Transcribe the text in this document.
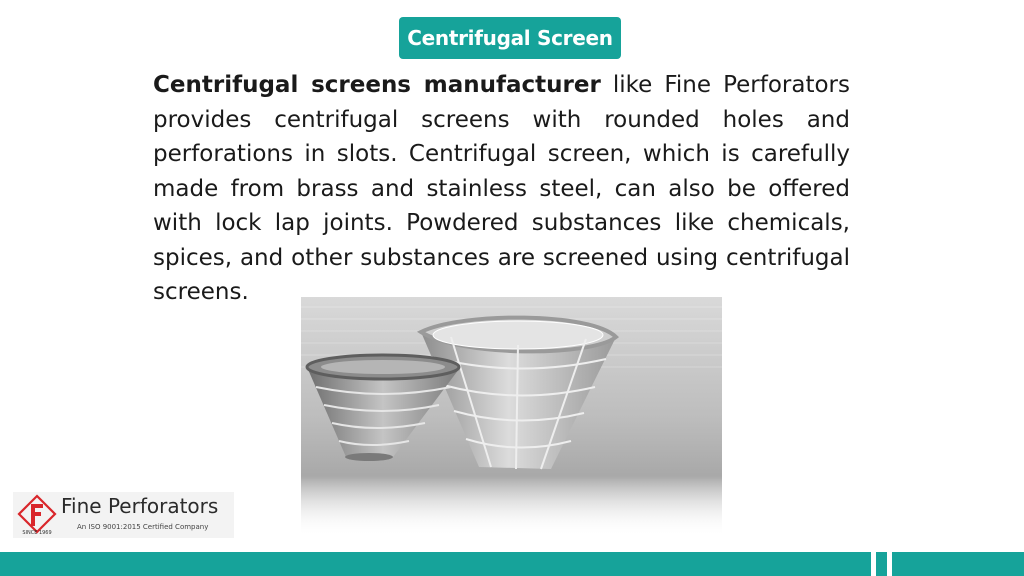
Centrifugal Screen

Centrifugal screens manufacturer like Fine Perforators provides centrifugal screens with rounded holes and perforations in slots. Centrifugal screen, which is carefully made from brass and stainless steel, can also be offered with lock lap joints. Powdered substances like chemicals, spices, and other substances are screened using centrifugal screens.

SINCE 1969
Fine Perforators
An ISO 9001:2015 Certified Company
